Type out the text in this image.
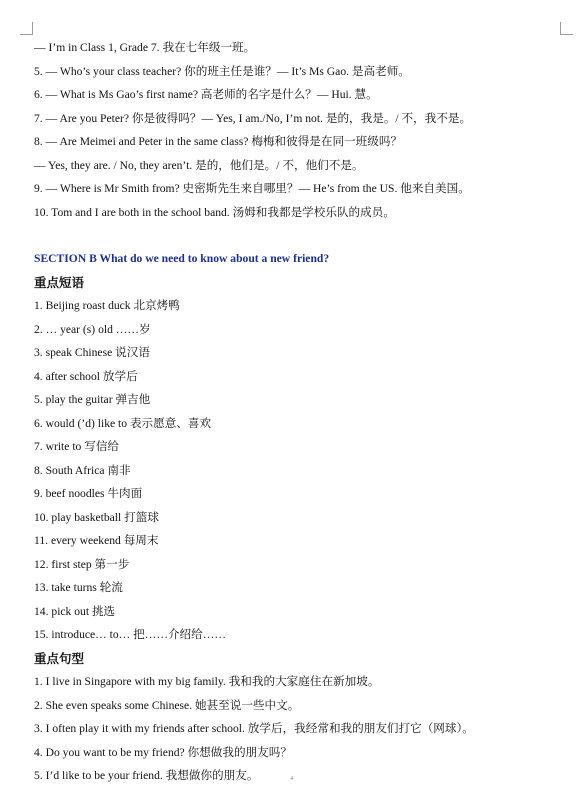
— I’m in Class 1, Grade 7. 我在七年级一班。
5. — Who’s your class teacher? 你的班主任是谁？— It’s Ms Gao. 是高老师。
6. — What is Ms Gao’s first name? 高老师的名字是什么？— Hui. 慧。
7. — Are you Peter? 你是彼得吗？— Yes, I am./No, I’m not. 是的，我是。/ 不，我不是。
8. — Are Meimei and Peter in the same class? 梅梅和彼得是在同一班级吗？
— Yes, they are. / No, they aren’t. 是的，他们是。/ 不，他们不是。
9. — Where is Mr Smith from? 史密斯先生来自哪里？— He’s from the US. 他来自美国。
10. Tom and I are both in the school band. 汤姆和我都是学校乐队的成员。
SECTION B What do we need to know about a new friend?
重点短语
1. Beijing roast duck 北京烤鸭
2. … year (s) old ……岁
3. speak Chinese 说汉语
4. after school 放学后
5. play the guitar 弹吉他
6. would (’d) like to 表示愿意、喜欢
7. write to 写信给
8. South Africa 南非
9. beef noodles 牛肉面
10. play basketball 打篮球
11. every weekend 每周末
12. first step 第一步
13. take turns 轮流
14. pick out 挑选
15. introduce… to… 把……介绍给……
重点句型
1. I live in Singapore with my big family. 我和我的大家庭住在新加坡。
2. She even speaks some Chinese. 她甚至说一些中文。
3. I often play it with my friends after school. 放学后，我经常和我的朋友们打它（网球）。
4. Do you want to be my friend? 你想做我的朋友吗？
5. I’d like to be your friend. 我想做你的朋友。	4
